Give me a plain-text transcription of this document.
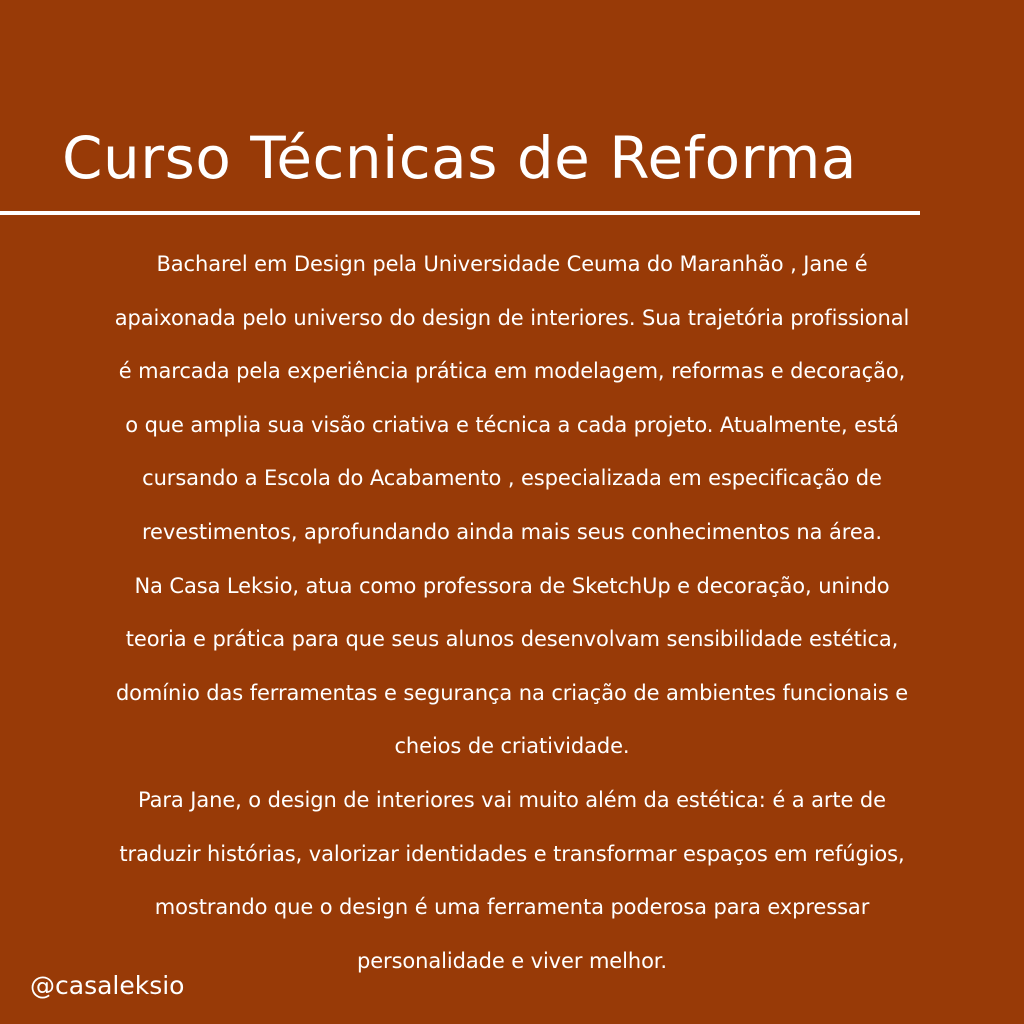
Curso Técnicas de Reforma
Bacharel em Design pela Universidade Ceuma do Maranhão , Jane é
apaixonada pelo universo do design de interiores. Sua trajetória profissional
é marcada pela experiência prática em modelagem, reformas e decoração,
o que amplia sua visão criativa e técnica a cada projeto. Atualmente, está
cursando a Escola do Acabamento , especializada em especificação de
revestimentos, aprofundando ainda mais seus conhecimentos na área.
Na Casa Leksio, atua como professora de SketchUp e decoração, unindo
teoria e prática para que seus alunos desenvolvam sensibilidade estética,
domínio das ferramentas e segurança na criação de ambientes funcionais e
cheios de criatividade.
Para Jane, o design de interiores vai muito além da estética: é a arte de
traduzir histórias, valorizar identidades e transformar espaços em refúgios,
mostrando que o design é uma ferramenta poderosa para expressar
personalidade e viver melhor.

@casaleksio
